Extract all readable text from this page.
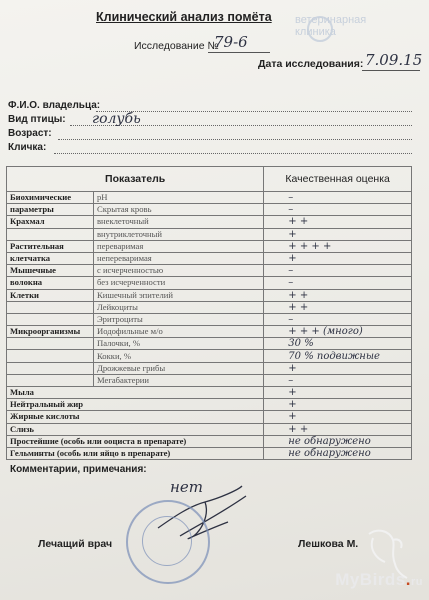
ветеринарная
клиника
Клинический анализ помёта
Исследование №
79-6
Дата исследования: 7.09.15
Ф.И.О. владельца:
Вид птицы: голубь
Возраст:
Кличка:
Показатель		Качественная оценка
Биохимические	pH	–
параметры	Скрытая кровь	–
Крахмал	внеклеточный	+ +
	внутриклеточный	+
Растительная	переваримая	+ + + +
клетчатка	непереваримая	+
Мышечные	с исчерченностью	–
волокна	без исчерченности	–
Клетки	Кишечный эпителий	+ +
	Лейкоциты	+ +
	Эритроциты	–
Микроорганизмы	Иодофильные м/о	+ + + (много)
	Палочки, %	30 %
	Кокки, %	70 % подвижные
	Дрожжевые грибы	+
	Мегабактерии	–
Мыла		+
Нейтральный жир		+
Жирные кислоты		+
Слизь		+ +
Простейшие (особь или ооциста в препарате)		не обнаружено
Гельминты (особь или яйцо в препарате)		не обнаружено
Комментарии, примечания:
нет
Лечащий врач	Лешкова М.
MyBirds.ru
